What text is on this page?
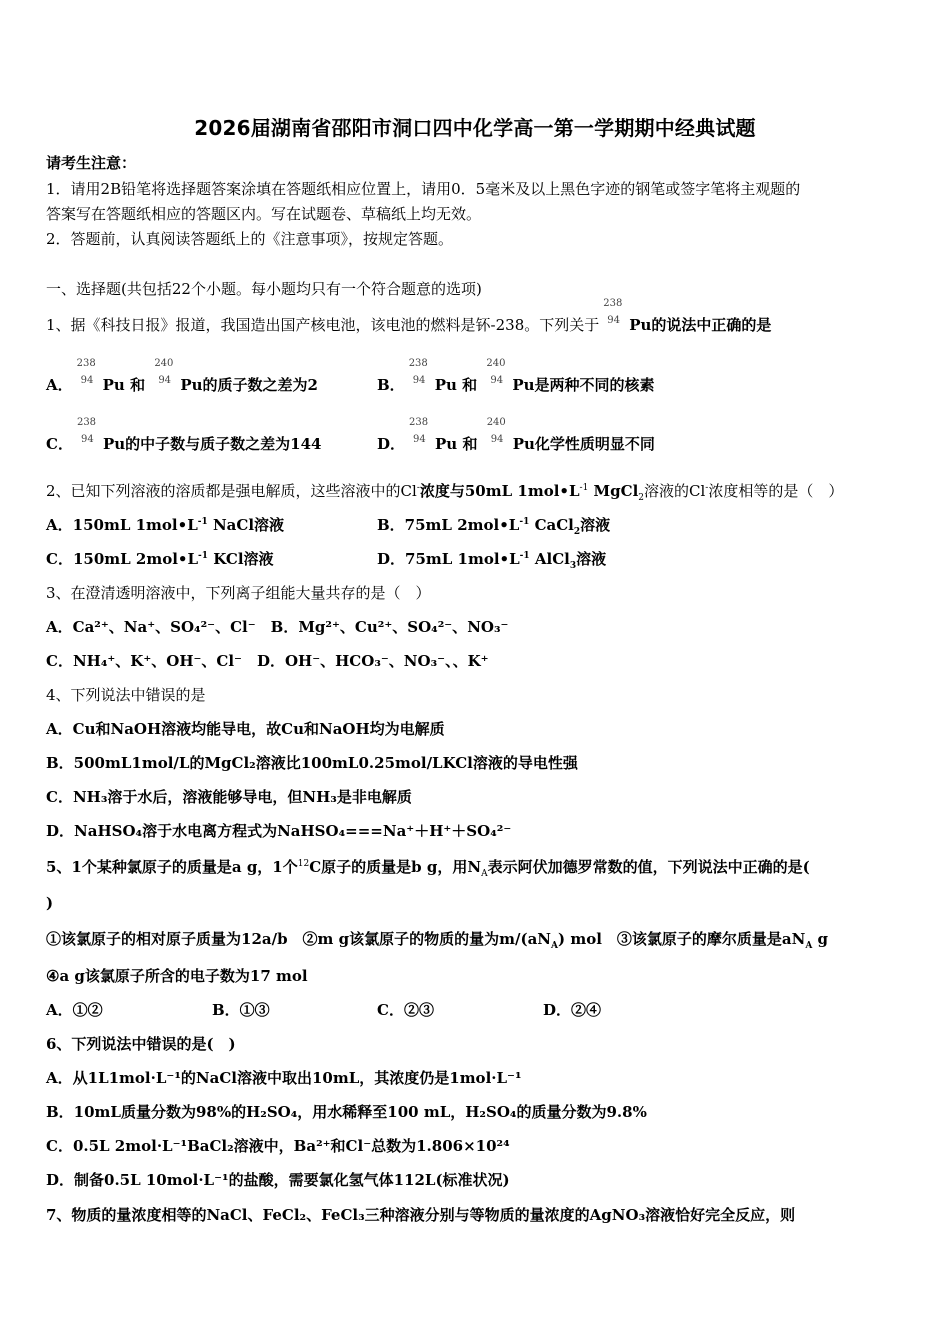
2026届湖南省邵阳市洞口四中化学高一第一学期期中经典试题
请考生注意：
1．请用2B铅笔将选择题答案涂填在答题纸相应位置上，请用0．5毫米及以上黑色字迹的钢笔或签字笔将主观题的
答案写在答题纸相应的答题区内。写在试题卷、草稿纸上均无效。
2．答题前，认真阅读答题纸上的《注意事项》，按规定答题。
一、选择题(共包括22个小题。每小题均只有一个符合题意的选项)
1、据《科技日报》报道，我国造出国产核电池，该电池的燃料是钚-238。下列关于
238
94 Pu的说法中正确的是
A．
238
94 Pu 和
240
94 Pu的质子数之差为2	B．
238
94 Pu 和
240
94 Pu是两种不同的核素
C．
238
94 Pu的中子数与质子数之差为144	D．
238
94 Pu 和
240
94 Pu化学性质明显不同
2、已知下列溶液的溶质都是强电解质，这些溶液中的Cl-浓度与50mL $1mol•L^{-1}$ MgCl$_2$溶液的Cl-浓度相等的是（　）
A．150mL $1mol•L^{-1}$ NaCl溶液	B．75mL $2mol•L^{-1}$ CaCl$_2$溶液
C．150mL $2mol•L^{-1}$ KCl溶液	D．75mL $1mol•L^{-1}$ AlCl$_3$溶液
3、在澄清透明溶液中，下列离子组能大量共存的是（　）
A．Ca²⁺、Na⁺、SO₄²⁻、Cl⁻　B．Mg²⁺、Cu²⁺、SO₄²⁻、NO₃⁻
C．NH₄⁺、K⁺、OH⁻、Cl⁻　D．OH⁻、HCO₃⁻、NO₃⁻、、K⁺
4、下列说法中错误的是
A．Cu和NaOH溶液均能导电，故Cu和NaOH均为电解质
B．500mL1mol/L的MgCl₂溶液比100mL0.25mol/LKCl溶液的导电性强
C．NH₃溶于水后，溶液能够导电，但NH₃是非电解质
D．NaHSO₄溶于水电离方程式为NaHSO₄===Na⁺＋H⁺＋SO₄²⁻
5、1个某种氯原子的质量是a g，1个$^{12}$C原子的质量是b g，用$N_A$表示阿伏加德罗常数的值，下列说法中正确的是(
)
①该氯原子的相对原子质量为12a/b　②m g该氯原子的物质的量为$m/(aN_A)$ mol　③该氯原子的摩尔质量是$aN_A$ g
④a g该氯原子所含的电子数为17 mol
A．①②	B．①③	C．②③	D．②④
6、下列说法中错误的是(　)
A．从1L1mol·L⁻¹的NaCl溶液中取出10mL，其浓度仍是1mol·L⁻¹
B．10mL质量分数为98%的H₂SO₄，用水稀释至100 mL，H₂SO₄的质量分数为9.8%
C．0.5L 2mol·L⁻¹BaCl₂溶液中，Ba²⁺和Cl⁻总数为1.806×10²⁴
D．制备0.5L 10mol·L⁻¹的盐酸，需要氯化氢气体112L(标准状况)
7、物质的量浓度相等的NaCl、FeCl₂、FeCl₃三种溶液分别与等物质的量浓度的AgNO₃溶液恰好完全反应，则
